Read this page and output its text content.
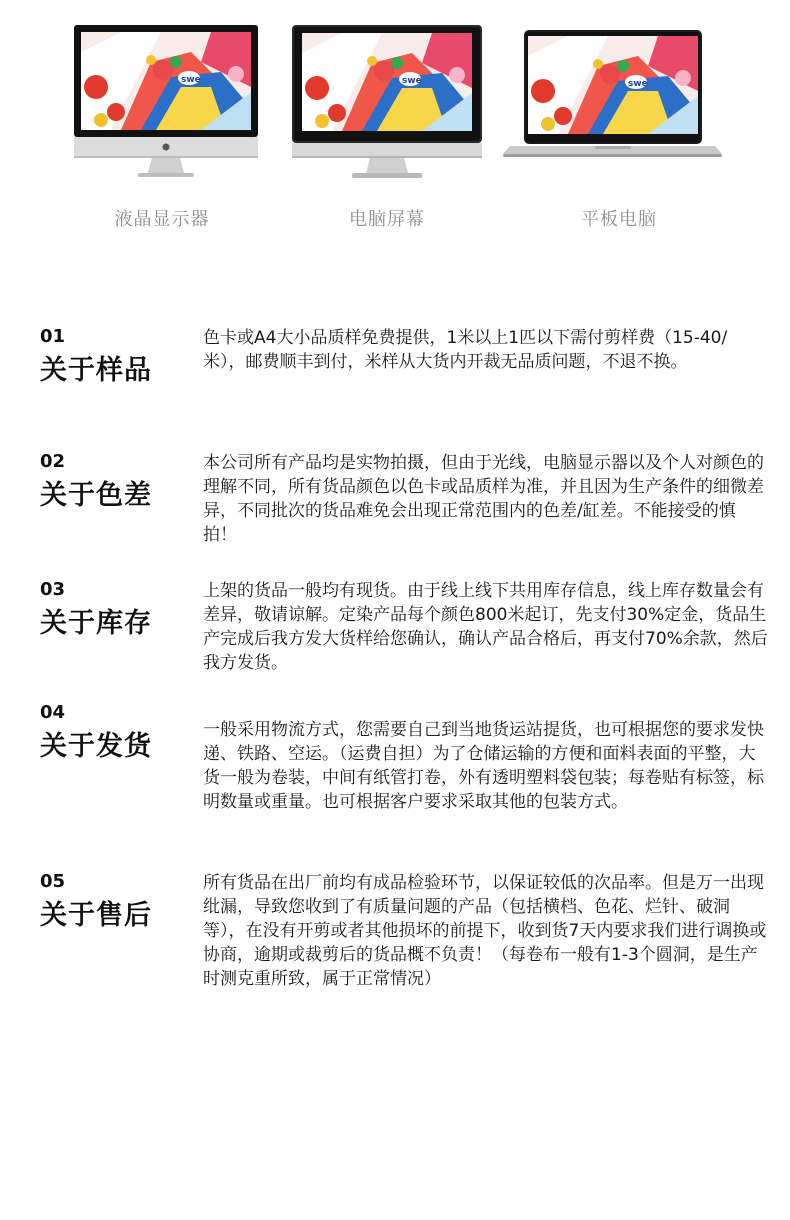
液晶显示器	电脑屏幕	平板电脑
01
关于样品
色卡或A4大小品质样免费提供，1米以上1匹以下需付剪样费（15-40/米），邮费顺丰到付，米样从大货内开裁无品质问题，不退不换。
02
关于色差
本公司所有产品均是实物拍摄，但由于光线，电脑显示器以及个人对颜色的理解不同，所有货品颜色以色卡或品质样为准，并且因为生产条件的细微差异，不同批次的货品难免会出现正常范围内的色差/缸差。不能接受的慎拍！
03
关于库存
上架的货品一般均有现货。由于线上线下共用库存信息，线上库存数量会有差异，敬请谅解。定染产品每个颜色800米起订，先支付30%定金，货品生产完成后我方发大货样给您确认，确认产品合格后，再支付70%余款，然后我方发货。
04
关于发货
一般采用物流方式，您需要自己到当地货运站提货，也可根据您的要求发快递、铁路、空运。（运费自担）为了仓储运输的方便和面料表面的平整，大货一般为卷装，中间有纸管打卷，外有透明塑料袋包装；每卷贴有标签，标明数量或重量。也可根据客户要求采取其他的包装方式。
05
关于售后
所有货品在出厂前均有成品检验环节，以保证较低的次品率。但是万一出现纰漏，导致您收到了有质量问题的产品（包括横档、色花、烂针、破洞等），在没有开剪或者其他损坏的前提下，收到货7天内要求我们进行调换或协商，逾期或裁剪后的货品概不负责！（每卷布一般有1-3个圆洞，是生产时测克重所致，属于正常情况）
